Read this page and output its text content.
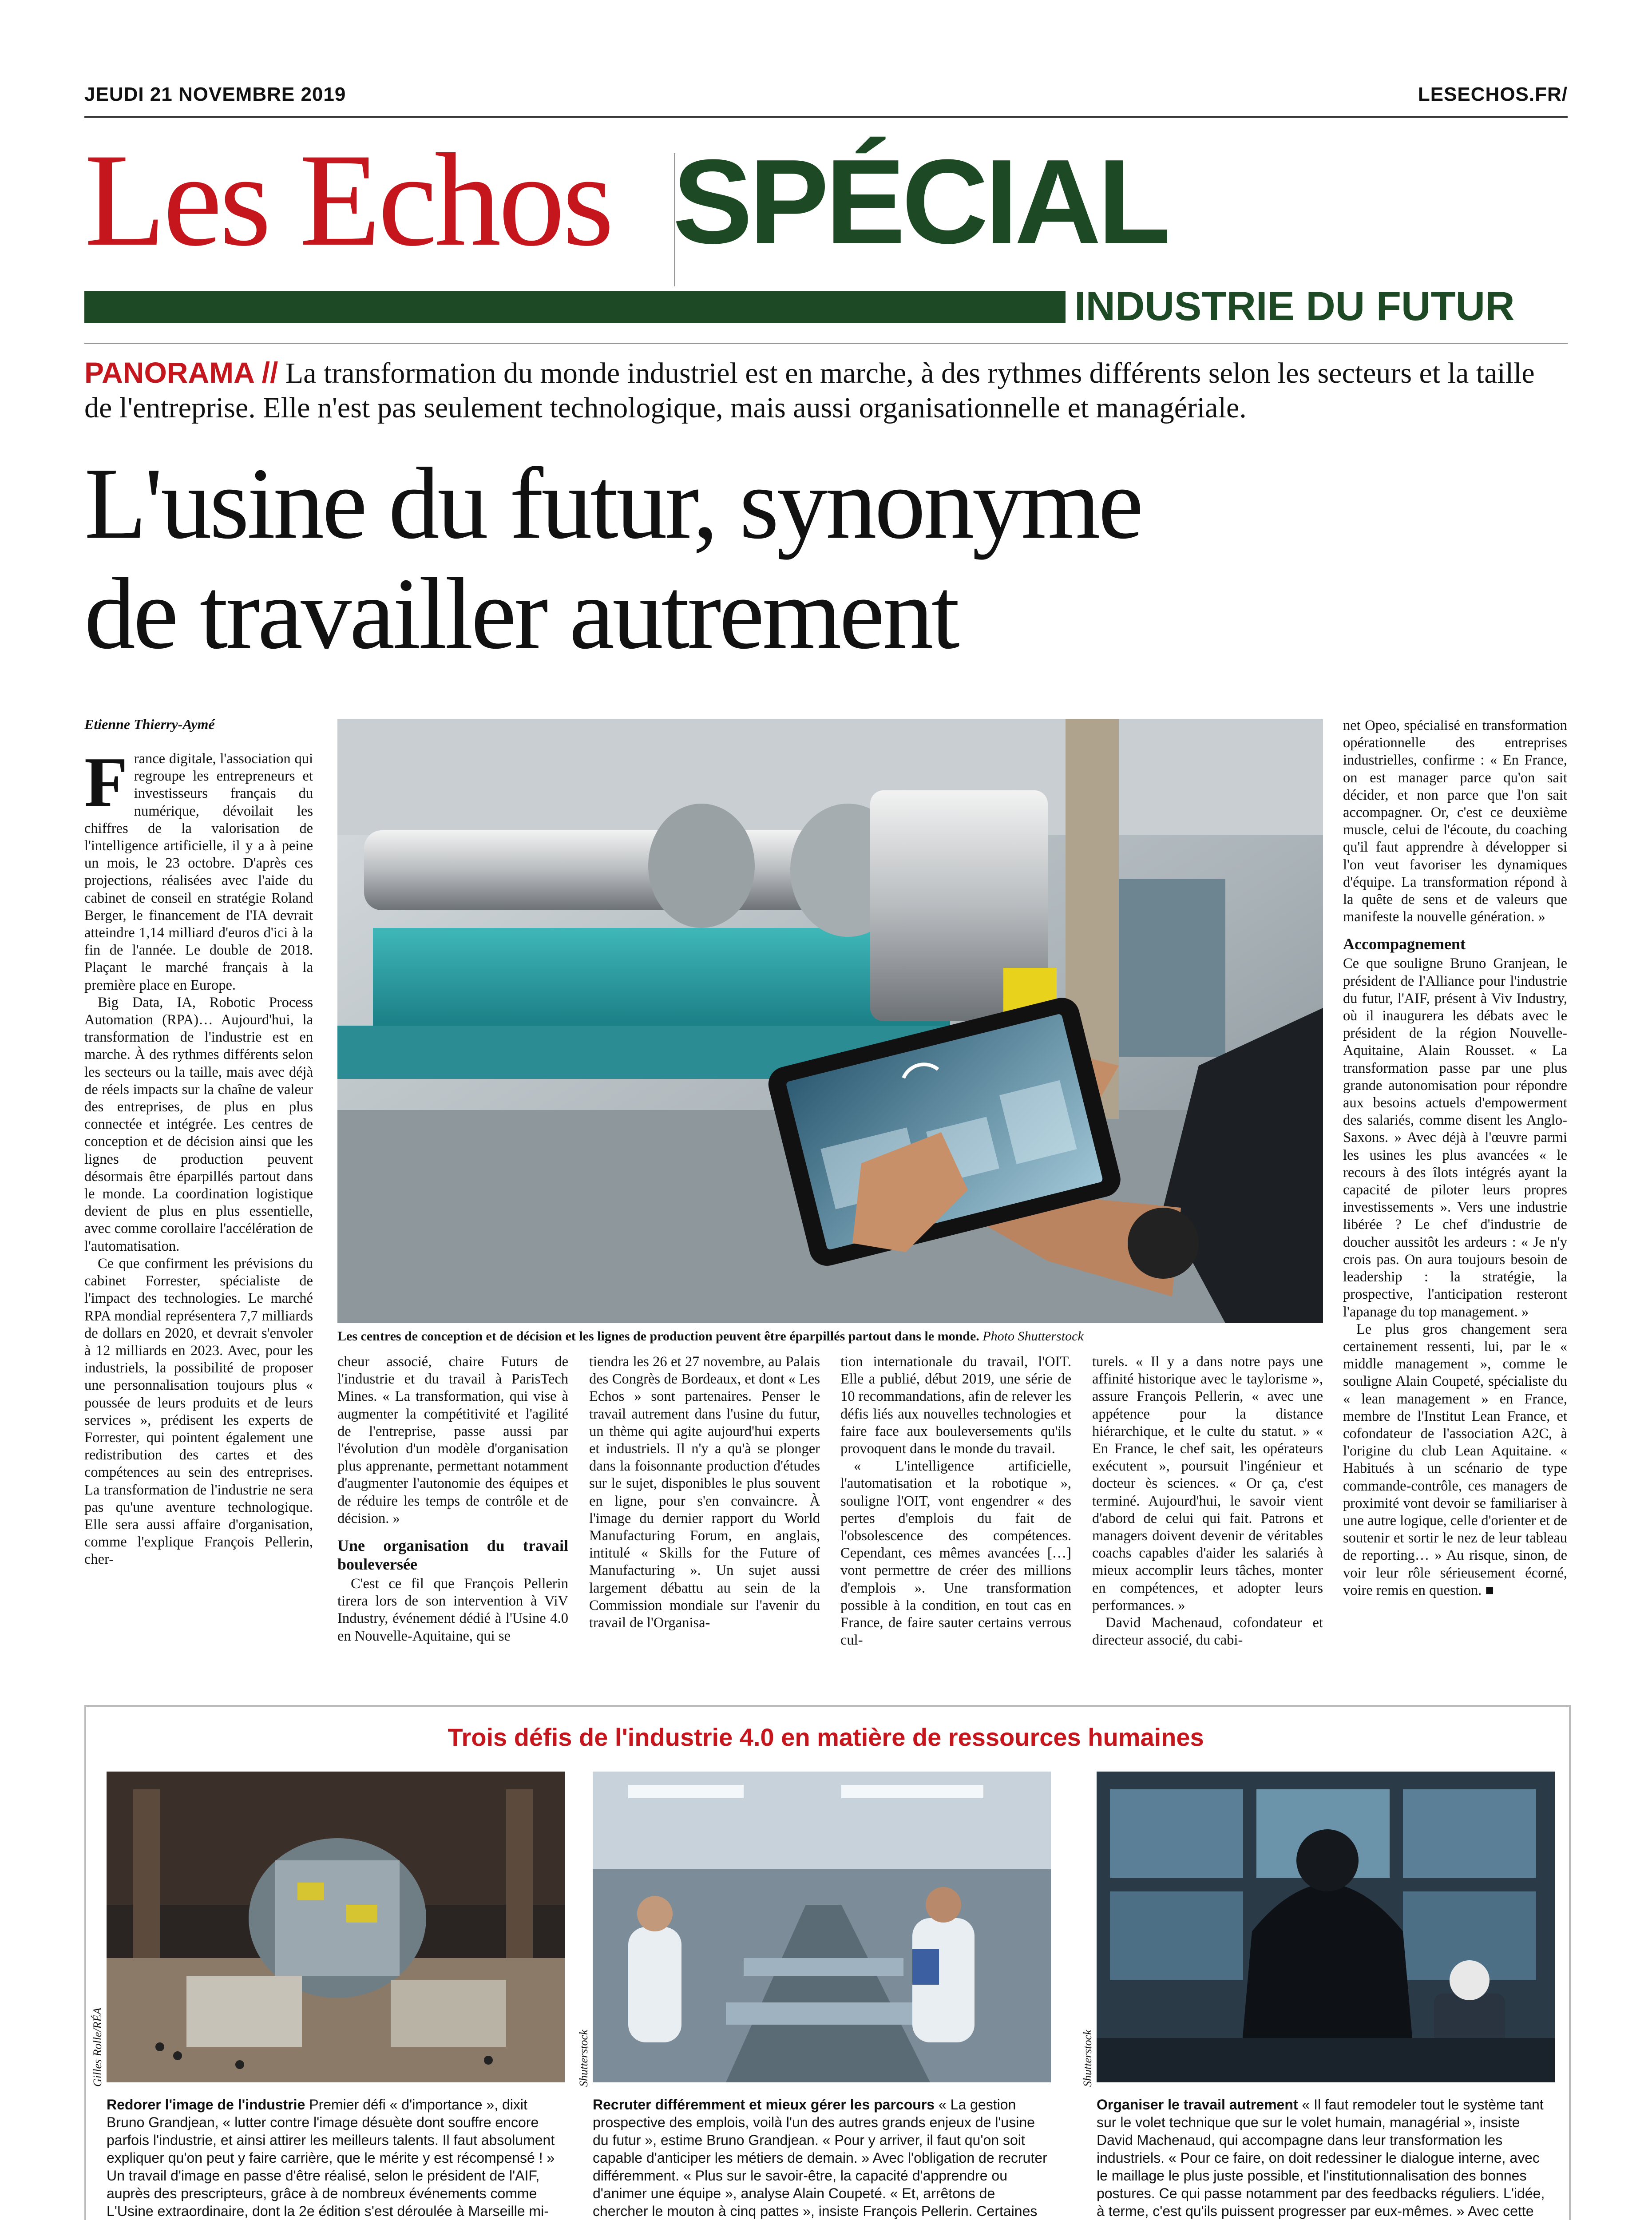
JEUDI 21 NOVEMBRE 2019	LESECHOS.FR/
Les Echos SPÉCIAL
INDUSTRIE DU FUTUR
PANORAMA // La transformation du monde industriel est en marche, à des rythmes différents selon les secteurs et la taille de l'entreprise. Elle n'est pas seulement technologique, mais aussi organisationnelle et managériale.
L'usine du futur, synonyme
de travailler autrement
Etienne Thierry-Aymé
F rance digitale, l'association qui regroupe les entrepreneurs et investisseurs français du numérique, dévoilait les chiffres de la valorisation de l'intelligence artificielle, il y a à peine un mois, le 23 octobre. D'après ces projections, réalisées avec l'aide du cabinet de conseil en stratégie Roland Berger, le financement de l'IA devrait atteindre 1,14 milliard d'euros d'ici à la fin de l'année. Le double de 2018. Plaçant le marché français à la première place en Europe.

Big Data, IA, Robotic Process Automation (RPA)… Aujourd'hui, la transformation de l'industrie est en marche. À des rythmes différents selon les secteurs ou la taille, mais avec déjà de réels impacts sur la chaîne de valeur des entreprises, de plus en plus connectée et intégrée. Les centres de conception et de décision ainsi que les lignes de production peuvent désormais être éparpillés partout dans le monde. La coordination logistique devient de plus en plus essentielle, avec comme corollaire l'accélération de l'automatisation.

Ce que confirment les prévisions du cabinet Forrester, spécialiste de l'impact des technologies. Le marché RPA mondial représentera 7,7 milliards de dollars en 2020, et devrait s'envoler à 12 milliards en 2023. Avec, pour les industriels, la possibilité de proposer une personnalisation toujours plus « poussée de leurs produits et de leurs services », prédisent les experts de Forrester, qui pointent également une redistribution des cartes et des compétences au sein des entreprises. La transformation de l'industrie ne sera pas qu'une aventure technologique. Elle sera aussi affaire d'organisation, comme l'explique François Pellerin, cher-

Les centres de conception et de décision et les lignes de production peuvent être éparpillés partout dans le monde. Photo Shutterstock

cheur associé, chaire Futurs de l'industrie et du travail à ParisTech Mines. « La transformation, qui vise à augmenter la compétitivité et l'agilité de l'entreprise, passe aussi par l'évolution d'un modèle d'organisation plus apprenante, permettant notamment d'augmenter l'autonomie des équipes et de réduire les temps de contrôle et de décision. »

Une organisation du travail bouleversée

C'est ce fil que François Pellerin tirera lors de son intervention à ViV Industry, événement dédié à l'Usine 4.0 en Nouvelle-Aquitaine, qui se

tiendra les 26 et 27 novembre, au Palais des Congrès de Bordeaux, et dont « Les Echos » sont partenaires. Penser le travail autrement dans l'usine du futur, un thème qui agite aujourd'hui experts et industriels. Il n'y a qu'à se plonger dans la foisonnante production d'études sur le sujet, disponibles le plus souvent en ligne, pour s'en convaincre. À l'image du dernier rapport du World Manufacturing Forum, en anglais, intitulé « Skills for the Future of Manufacturing ». Un sujet aussi largement débattu au sein de la Commission mondiale sur l'avenir du travail de l'Organisa-

tion internationale du travail, l'OIT. Elle a publié, début 2019, une série de 10 recommandations, afin de relever les défis liés aux nouvelles technologies et faire face aux bouleversements qu'ils provoquent dans le monde du travail.

« L'intelligence artificielle, l'automatisation et la robotique », souligne l'OIT, vont engendrer « des pertes d'emplois du fait de l'obsolescence des compétences. Cependant, ces mêmes avancées […] vont permettre de créer des millions d'emplois ». Une transformation possible à la condition, en tout cas en France, de faire sauter certains verrous cul-

turels. « Il y a dans notre pays une affinité historique avec le taylorisme », assure François Pellerin, « avec une appétence pour la distance hiérarchique, et le culte du statut. » « En France, le chef sait, les opérateurs exécutent », poursuit l'ingénieur et docteur ès sciences. « Or ça, c'est terminé. Aujourd'hui, le savoir vient d'abord de celui qui fait. Patrons et managers doivent devenir de véritables coachs capables d'aider les salariés à mieux accomplir leurs tâches, monter en compétences, et adopter leurs performances. »

David Machenaud, cofondateur et directeur associé, du cabi-

net Opeo, spécialisé en transformation opérationnelle des entreprises industrielles, confirme : « En France, on est manager parce qu'on sait décider, et non parce que l'on sait accompagner. Or, c'est ce deuxième muscle, celui de l'écoute, du coaching qu'il faut apprendre à développer si l'on veut favoriser les dynamiques d'équipe. La transformation répond à la quête de sens et de valeurs que manifeste la nouvelle génération. »

Accompagnement

Ce que souligne Bruno Granjean, le président de l'Alliance pour l'industrie du futur, l'AIF, présent à Viv Industry, où il inaugurera les débats avec le président de la région Nouvelle-Aquitaine, Alain Rousset. « La transformation passe par une plus grande autonomisation pour répondre aux besoins actuels d'empowerment des salariés, comme disent les Anglo-Saxons. » Avec déjà à l'œuvre parmi les usines les plus avancées « le recours à des îlots intégrés ayant la capacité de piloter leurs propres investissements ». Vers une industrie libérée ? Le chef d'industrie de doucher aussitôt les ardeurs : « Je n'y crois pas. On aura toujours besoin de leadership : la stratégie, la prospective, l'anticipation resteront l'apanage du top management. »

Le plus gros changement sera certainement ressenti, lui, par le « middle management », comme le souligne Alain Coupeté, spécialiste du « lean management » en France, membre de l'Institut Lean France, et cofondateur de l'association A2C, à l'origine du club Lean Aquitaine. « Habitués à un scénario de type commande-contrôle, ces managers de proximité vont devoir se familiariser à une autre logique, celle d'orienter et de soutenir et sortir le nez de leur tableau de reporting… » Au risque, sinon, de voir leur rôle sérieusement écorné, voire remis en question. ■

Trois défis de l'industrie 4.0 en matière de ressources humaines
Gilles Rolle/RÉA	Shutterstock	Shutterstock
Redorer l'image de l'industrie Premier défi « d'importance », dixit Bruno Grandjean, « lutter contre l'image désuète dont souffre encore parfois l'industrie, et ainsi attirer les meilleurs talents. Il faut absolument expliquer qu'on peut y faire carrière, que le mérite y est récompensé ! » Un travail d'image en passe d'être réalisé, selon le président de l'AIF, auprès des prescripteurs, grâce à de nombreux événements comme L'Usine extraordinaire, dont la 2e édition s'est déroulée à Marseille mi-
Recruter différemment et mieux gérer les parcours « La gestion prospective des emplois, voilà l'un des autres grands enjeux de l'usine du futur », estime Bruno Grandjean. « Pour y arriver, il faut qu'on soit capable d'anticiper les métiers de demain. » Avec l'obligation de recruter différemment. « Plus sur le savoir-être, la capacité d'apprendre ou d'animer une équipe », analyse Alain Coupeté. « Et, arrêtons de chercher le mouton à cinq pattes », insiste François Pellerin. Certaines
Organiser le travail autrement « Il faut remodeler tout le système tant sur le volet technique que sur le volet humain, managérial », insiste David Machenaud, qui accompagne dans leur transformation les industriels. « Pour ce faire, on doit redessiner le dialogue interne, avec le maillage le plus juste possible, et l'institutionnalisation des bonnes postures. Ce qui passe notamment par des feedbacks réguliers. L'idée, à terme, c'est qu'ils puissent progresser par eux-mêmes. » Avec cette
